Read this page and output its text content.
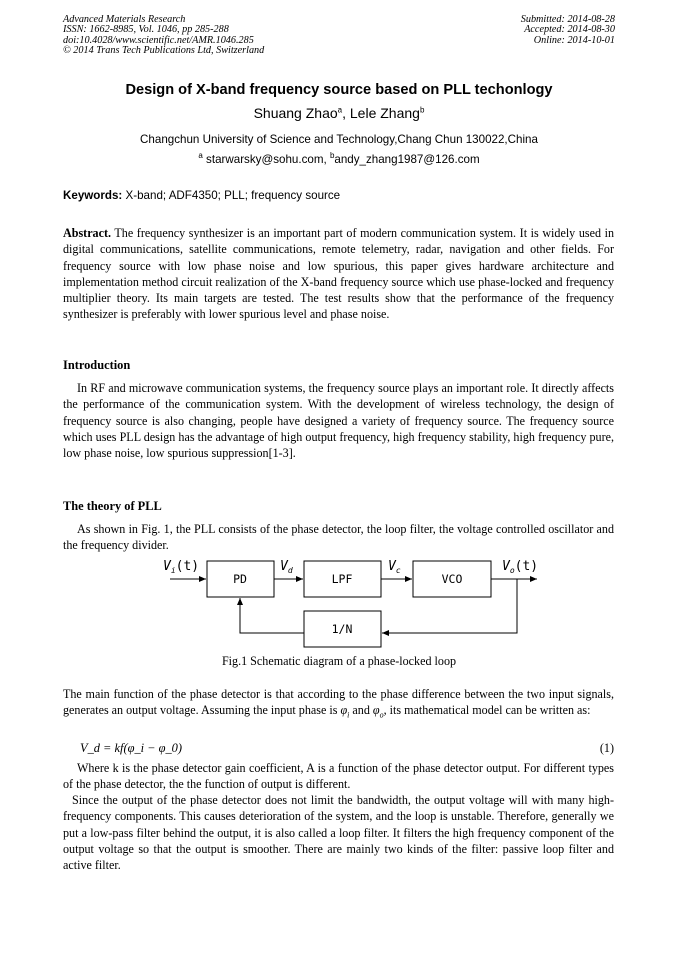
Advanced Materials Research
ISSN: 1662-8985, Vol. 1046, pp 285-288
doi:10.4028/www.scientific.net/AMR.1046.285
© 2014 Trans Tech Publications Ltd, Switzerland
Submitted: 2014-08-28
Accepted: 2014-08-30
Online: 2014-10-01
Design of X-band frequency source based on PLL techonlogy
Shuang Zhao$^a$, Lele Zhang$^b$
Changchun University of Science and Technology,Chang Chun 130022,China
$^a$ starwarsky@sohu.com, $^b$andy_zhang1987@126.com
Keywords: X-band; ADF4350; PLL; frequency source

Abstract. The frequency synthesizer is an important part of modern communication system. It is widely used in digital communications, satellite communications, remote telemetry, radar, navigation and other fields. For frequency source with low phase noise and low spurious, this paper gives hardware architecture and implementation method circuit realization of the X-band frequency source which use phase-locked and frequency multiplier theory. Its main targets are tested. The test results show that the performance of the frequency synthesizer is preferably with lower spurious level and phase noise.

Introduction

In RF and microwave communication systems, the frequency source plays an important role. It directly affects the performance of the communication system. With the development of wireless technology, the design of frequency source is also changing, people have designed a variety of frequency source. The frequency source which uses PLL design has the advantage of high output frequency, high frequency stability, high frequency pure, low phase noise, low spurious suppression[1-3].

The theory of PLL

As shown in Fig. 1, the PLL consists of the phase detector, the loop filter, the voltage controlled oscillator and the frequency divider.

PD	LPF	VCO
1/N
$V_i(t)$	$V_d$	$V_c$	$V_o(t)$
Fig.1 Schematic diagram of a phase-locked loop

The main function of the phase detector is that according to the phase difference between the two input signals, generates an output voltage. Assuming the input phase is $\varphi_i$ and $\varphi_o$, its mathematical model can be written as:

V_d = kf(φ_i − φ_0)	(1)

Where k is the phase detector gain coefficient, A is a function of the phase detector output. For different types of the phase detector, the the function of output is different.

Since the output of the phase detector does not limit the bandwidth, the output voltage will with many high-frequency components. This causes deterioration of the system, and the loop is unstable. Therefore, generally we put a low-pass filter behind the output, it is also called a loop filter. It filters the high frequency component of the output voltage so that the output is smoother. There are mainly two kinds of the filter: passive loop filter and active filter.
